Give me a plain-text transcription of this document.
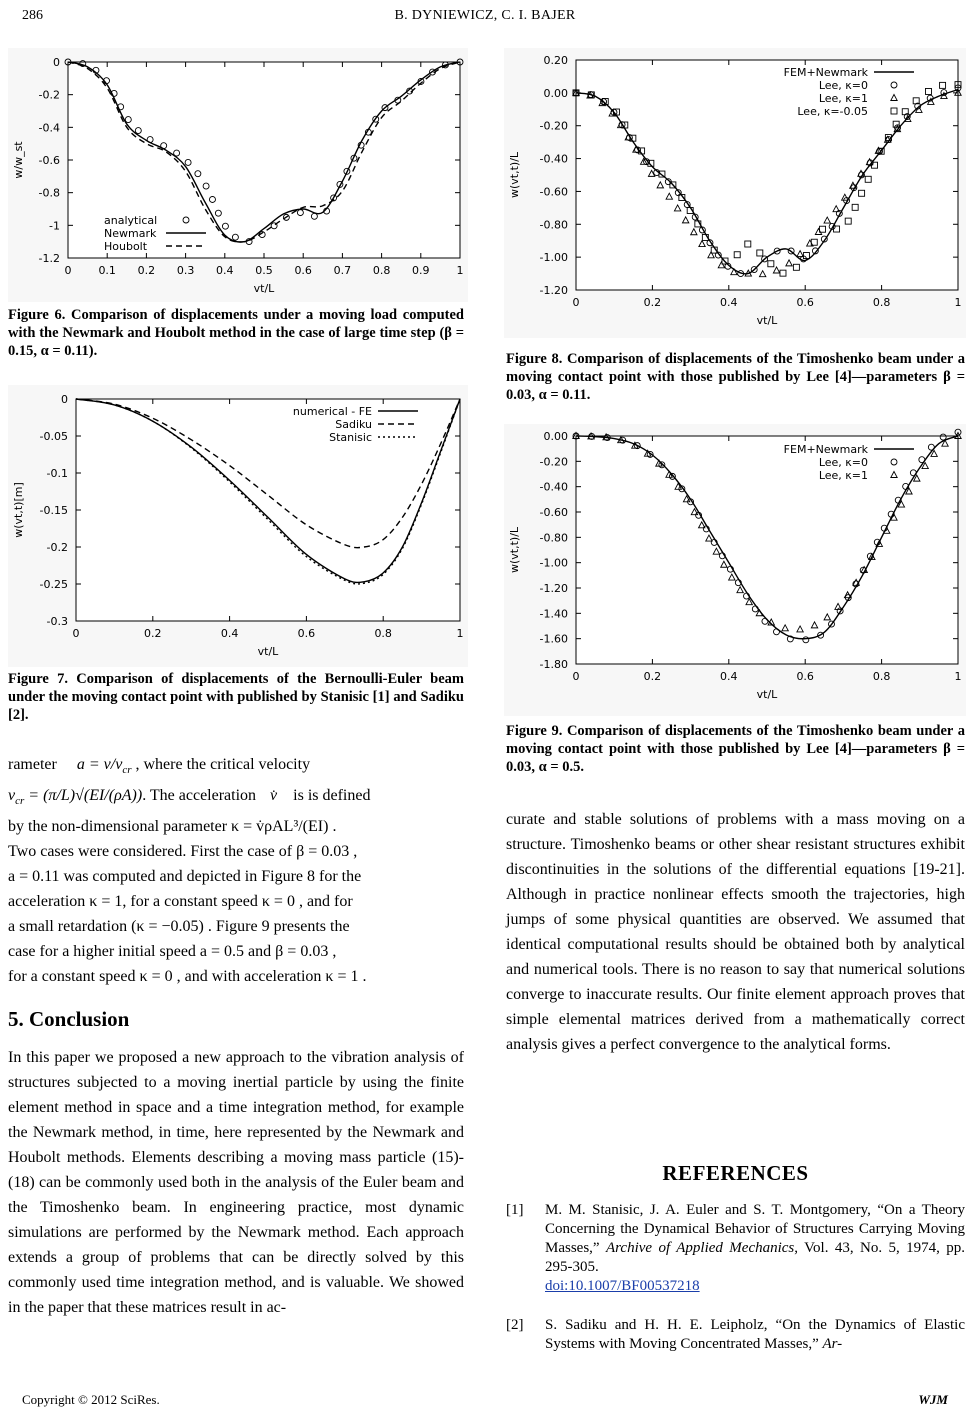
286	B. DYNIEWICZ, C. I. BAJER
0 0.1 0.2 0.3 0.4 0.5 0.6 0.7 0.8 0.9 1
0
-0.2
-0.4
-0.6
-0.8
-1
-1.2
vt/L
w/w_st
analytical
Newmark
Houbolt
Figure 6. Comparison of displacements under a moving load computed with the Newmark and Houbolt method in the case of large time step (β = 0.15, α = 0.11).
0	0.2	0.4	0.6	0.8	1
0
-0.05
-0.1
-0.15
-0.2
-0.25
-0.3
vt/L
w(vt,t)[m]
numerical - FE
Sadiku
Stanisic
Figure 7. Comparison of displacements of the Bernoulli-Euler beam under the moving contact point with published by Stanisic [1] and Sadiku [2].
0	0.2	0.4	0.6	0.8	1
0.20
0.00
-0.20
-0.40
-0.60
-0.80
-1.00
-1.20
vt/L
w(vt,t)/L
FEM+Newmark
Lee, κ=0
Lee, κ=1
Lee, κ=-0.05
Figure 8. Comparison of displacements of the Timoshenko beam under a moving contact point with those published by Lee [4]—parameters β = 0.03, α = 0.11.
0	0.2	0.4	0.6	0.8	1
0.00
-0.20
-0.40
-0.60
-0.80
-1.00
-1.20
-1.40
-1.60
-1.80
vt/L
w(vt,t)/L
FEM+Newmark
Lee, κ=0
Lee, κ=1
Figure 9. Comparison of displacements of the Timoshenko beam under a moving contact point with those published by Lee [4]—parameters β = 0.03, α = 0.5.
rameter  $a = v/v_{cr}$ , where the critical velocity
$v_{cr} = (\pi/L)√(EI/(\rho A))$. The acceleration v̇ is is defined
by the non-dimensional parameter κ = v̇ρAL³/(EI) .
Two cases were considered. First the case of β = 0.03 ,
a = 0.11 was computed and depicted in Figure 8 for the
acceleration κ = 1, for a constant speed κ = 0 , and for
a small retardation (κ = −0.05) . Figure 9 presents the
case for a higher initial speed a = 0.5 and β = 0.03 ,
for a constant speed κ = 0 , and with acceleration κ = 1 .
5. Conclusion
In this paper we proposed a new approach to the vibration analysis of structures subjected to a moving inertial particle by using the finite element method in space and a time integration method, for example the Newmark method, in time, here represented by the Newmark and Houbolt methods. Elements describing a moving mass particle (15)-(18) can be commonly used both in the analysis of the Euler beam and the Timoshenko beam. In engineering practice, most dynamic simulations are performed by the Newmark method. Each approach extends a group of problems that can be directly solved by this commonly used time integration method, and is valuable. We showed in the paper that these matrices result in ac-
curate and stable solutions of problems with a mass moving on a structure. Timoshenko beams or other shear resistant structures exhibit discontinuities in the solutions of the differential equations [19-21]. Although in practice nonlinear effects smooth the trajectories, high jumps of some physical quantities are observed. We assumed that identical computational results should be obtained both by analytical and numerical tools. There is no reason to say that numerical solutions converge to inaccurate results. Our finite element approach proves that simple elemental matrices derived from a mathematically correct analysis gives a perfect convergence to the analytical forms.
REFERENCES
[1] M. M. Stanisic, J. A. Euler and S. T. Montgomery, “On a Theory Concerning the Dynamical Behavior of Structures Carrying Moving Masses,” Archive of Applied Mechanics, Vol. 43, No. 5, 1974, pp. 295-305.
doi:10.1007/BF00537218
[2] S. Sadiku and H. H. E. Leipholz, “On the Dynamics of Elastic Systems with Moving Concentrated Masses,” Ar-
Copyright © 2012 SciRes.	WJM
